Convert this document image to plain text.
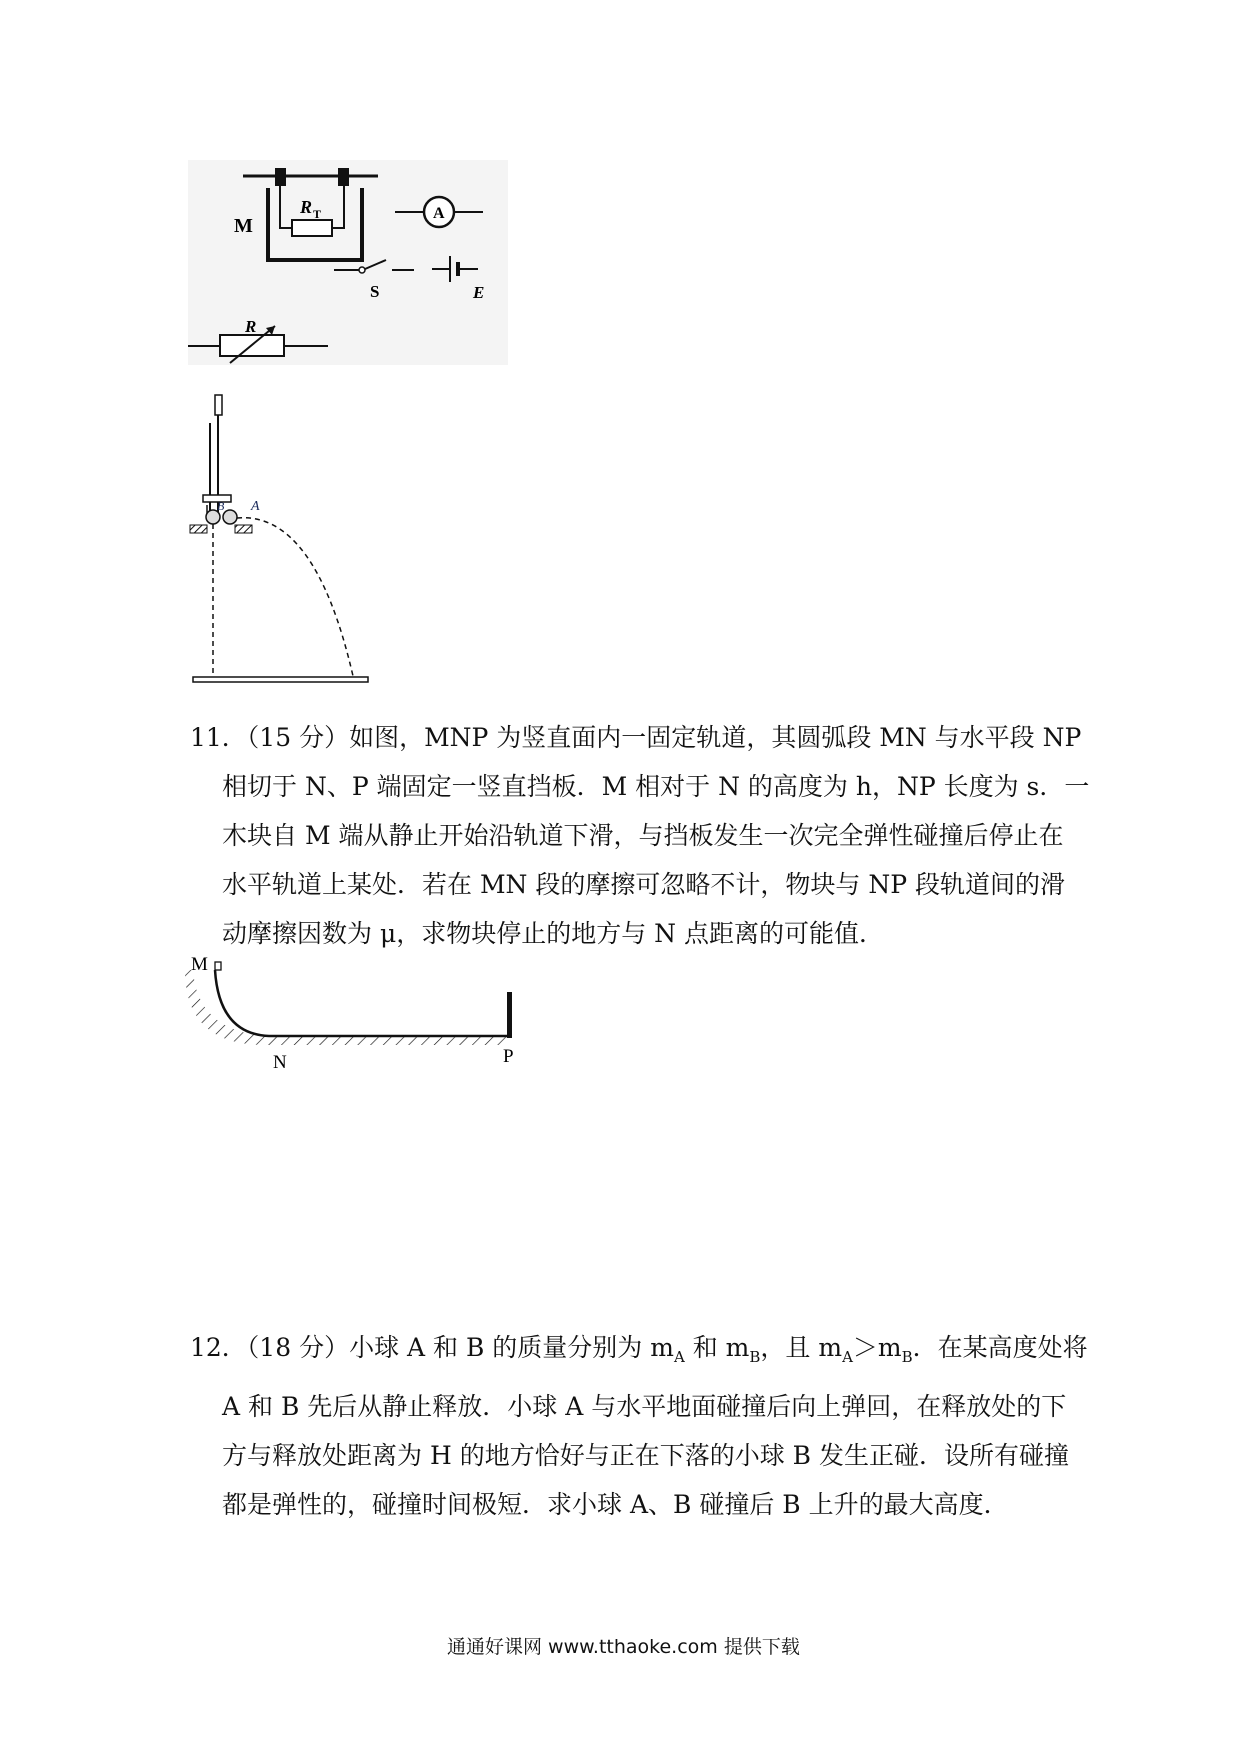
R T
M
A
S	E
R
B A
11．（15 分）如图，MNP 为竖直面内一固定轨道，其圆弧段 MN 与水平段 NP
相切于 N、P 端固定一竖直挡板．M 相对于 N 的高度为 h，NP 长度为 s．一
木块自 M 端从静止开始沿轨道下滑，与挡板发生一次完全弹性碰撞后停止在
水平轨道上某处．若在 MN 段的摩擦可忽略不计，物块与 NP 段轨道间的滑
动摩擦因数为 μ，求物块停止的地方与 N 点距离的可能值．
M
N	P
12．（18 分）小球 A 和 B 的质量分别为 $m_A$ 和 $m_B$，且 $m_A>m_B$．在某高度处将
A 和 B 先后从静止释放．小球 A 与水平地面碰撞后向上弹回，在释放处的下
方与释放处距离为 H 的地方恰好与正在下落的小球 B 发生正碰．设所有碰撞
都是弹性的，碰撞时间极短．求小球 A、B 碰撞后 B 上升的最大高度．
通通好课网 www.tthaoke.com 提供下载
